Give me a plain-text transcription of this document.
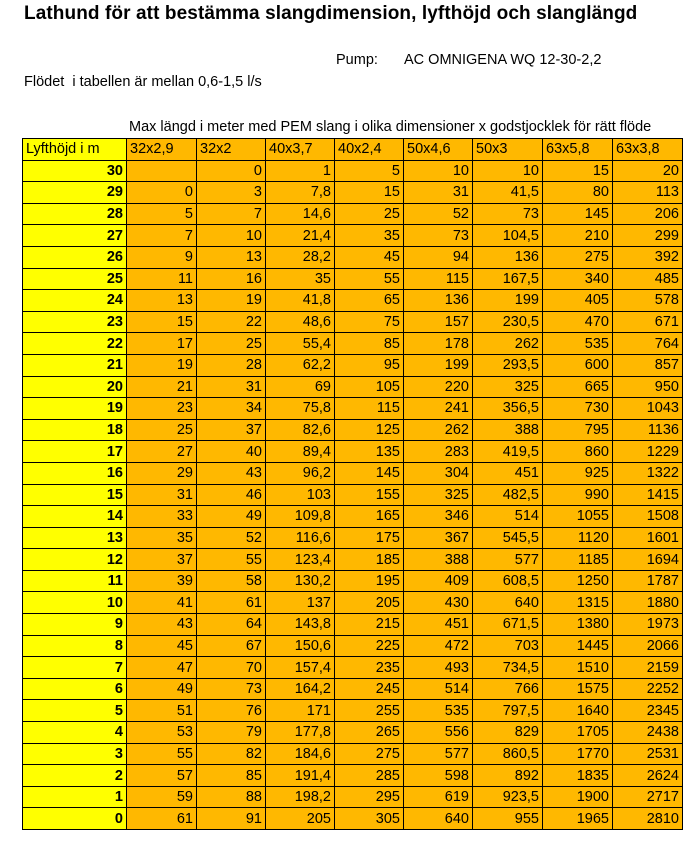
Lathund för att bestämma slangdimension, lyfthöjd och slanglängd
Pump: AC OMNIGENA WQ 12-30-2,2
Flödet  i tabellen är mellan 0,6-1,5 l/s
Max längd i meter med PEM slang i olika dimensioner x godstjocklek för rätt flöde
Lyfthöjd i m	32x2,9	32x2	40x3,7	40x2,4	50x4,6	50x3	63x5,8	63x3,8
30		0	1	5	10	10	15	20
29	0	3	7,8	15	31	41,5	80	113
28	5	7	14,6	25	52	73	145	206
27	7	10	21,4	35	73	104,5	210	299
26	9	13	28,2	45	94	136	275	392
25	11	16	35	55	115	167,5	340	485
24	13	19	41,8	65	136	199	405	578
23	15	22	48,6	75	157	230,5	470	671
22	17	25	55,4	85	178	262	535	764
21	19	28	62,2	95	199	293,5	600	857
20	21	31	69	105	220	325	665	950
19	23	34	75,8	115	241	356,5	730	1043
18	25	37	82,6	125	262	388	795	1136
17	27	40	89,4	135	283	419,5	860	1229
16	29	43	96,2	145	304	451	925	1322
15	31	46	103	155	325	482,5	990	1415
14	33	49	109,8	165	346	514	1055	1508
13	35	52	116,6	175	367	545,5	1120	1601
12	37	55	123,4	185	388	577	1185	1694
11	39	58	130,2	195	409	608,5	1250	1787
10	41	61	137	205	430	640	1315	1880
9	43	64	143,8	215	451	671,5	1380	1973
8	45	67	150,6	225	472	703	1445	2066
7	47	70	157,4	235	493	734,5	1510	2159
6	49	73	164,2	245	514	766	1575	2252
5	51	76	171	255	535	797,5	1640	2345
4	53	79	177,8	265	556	829	1705	2438
3	55	82	184,6	275	577	860,5	1770	2531
2	57	85	191,4	285	598	892	1835	2624
1	59	88	198,2	295	619	923,5	1900	2717
0	61	91	205	305	640	955	1965	2810
